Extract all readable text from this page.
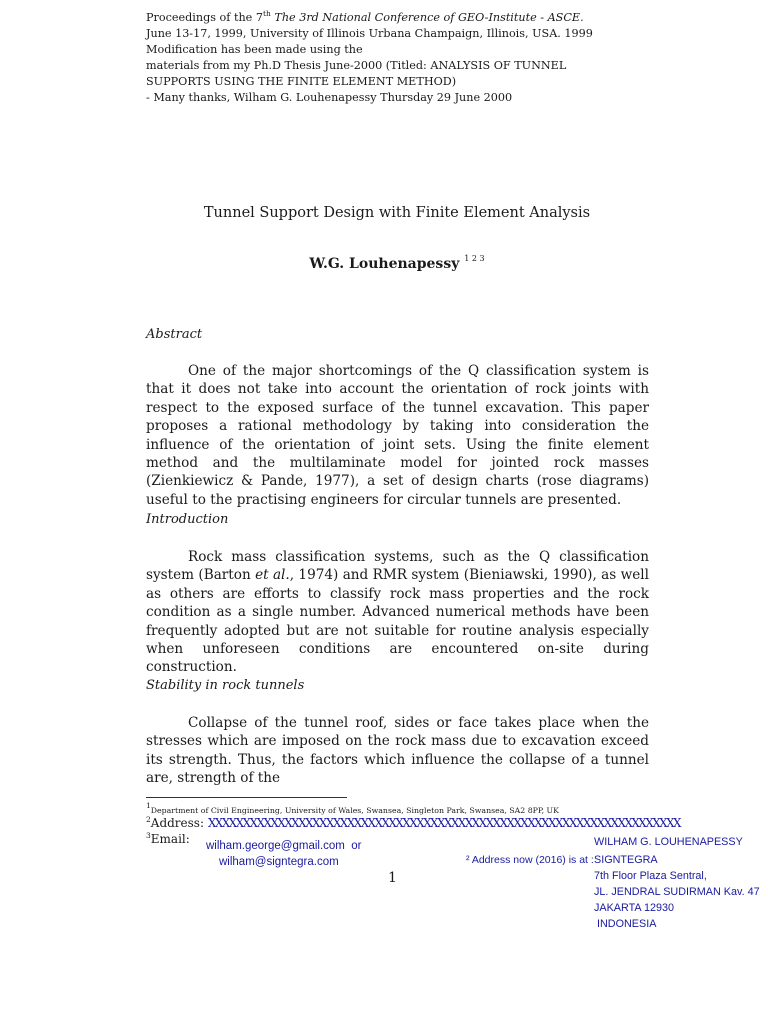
Proceedings of the 7th The 3rd National Conference of GEO-Institute - ASCE.
June 13-17, 1999, University of Illinois Urbana Champaign, Illinois, USA. 1999
Modification has been made using the
materials from my Ph.D Thesis June-2000 (Titled: ANALYSIS OF TUNNEL
SUPPORTS USING THE FINITE ELEMENT METHOD)
- Many thanks, Wilham G. Louhenapessy Thursday 29 June 2000
Tunnel Support Design with Finite Element Analysis
W.G. Louhenapessy $^{1 2 3}$
Abstract

One of the major shortcomings of the Q classification system is that it does not take into account the orientation of rock joints with respect to the exposed surface of the tunnel excavation. This paper proposes a rational methodology by taking into consideration the influence of the orientation of joint sets. Using the finite element method and the multilaminate model for jointed rock masses (Zienkiewicz & Pande, 1977), a set of design charts (rose diagrams) useful to the practising engineers for circular tunnels are presented.

Introduction

Rock mass classification systems, such as the Q classification system (Barton et al., 1974) and RMR system (Bieniawski, 1990), as well as others are efforts to classify rock mass properties and the rock condition as a single number. Advanced numerical methods have been frequently adopted but are not suitable for routine analysis especially when unforeseen conditions are encountered on-site during construction.

Stability in rock tunnels

Collapse of the tunnel roof, sides or face takes place when the stresses which are imposed on the rock mass due to excavation exceed its strength. Thus, the factors which influence the collapse of a tunnel are, strength of the

$^1$Department of Civil Engineering, University of Wales, Swansea, Singleton Park, Swansea, SA2 8PP, UK
$^2$Address: XXXXXXXXXXXXXXXXXXXXXXXXXXXXXXXXXXXXXXXXXXXXXXXXXXXXXXXXXXXXXXXXXXXX
$^3$Email: wilham.george@gmail.com or
wilham@signtegra.com	² Address now (2016) is at :
WILHAM G. LOUHENAPESSY
SIGNTEGRA
7th Floor Plaza Sentral,
JL. JENDRAL SUDIRMAN Kav. 47
JAKARTA 12930
INDONESIA
1
